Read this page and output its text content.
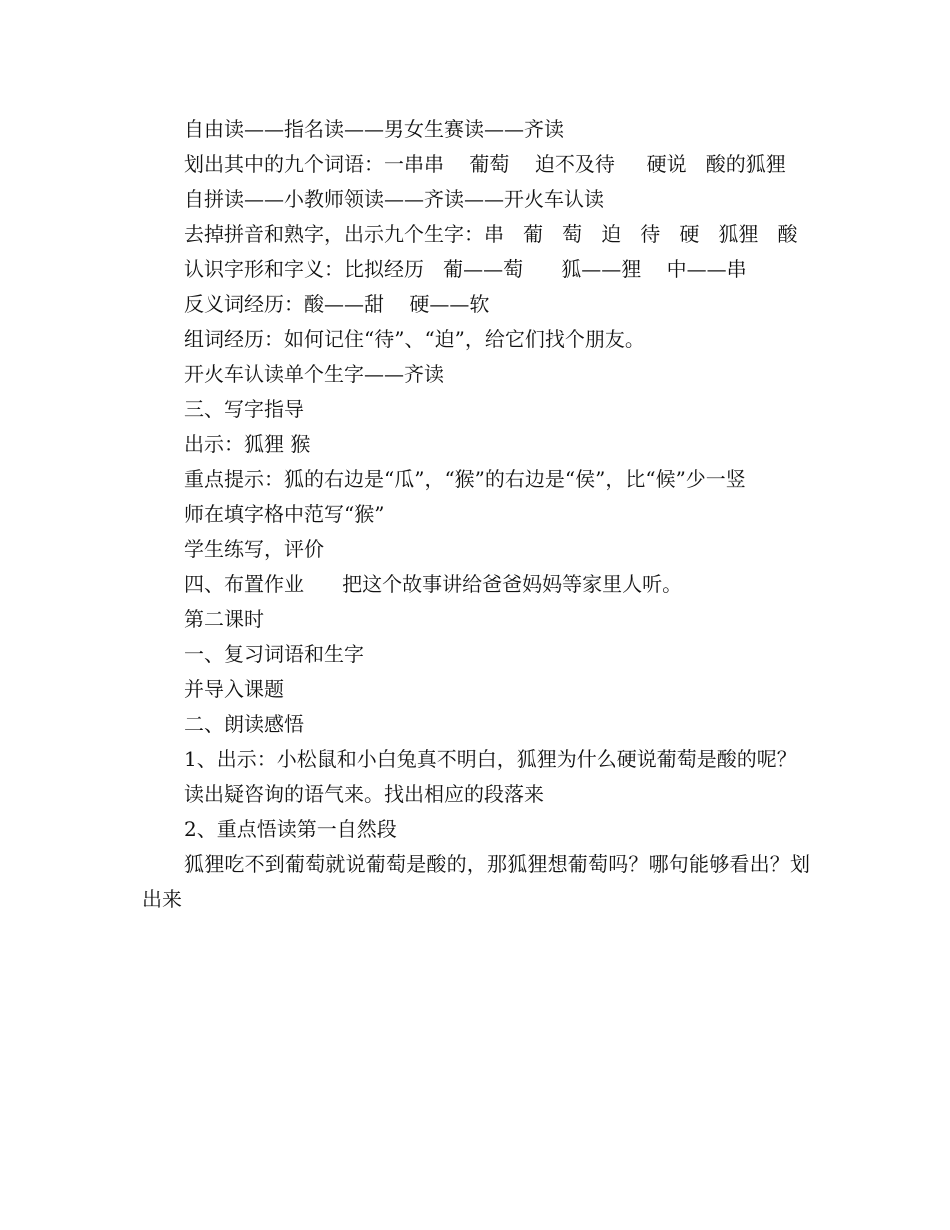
自由读——指名读——男女生赛读——齐读

划出其中的九个词语：一串串    葡萄    迫不及待     硬说   酸的狐狸

自拼读——小教师领读——齐读——开火车认读

去掉拼音和熟字，出示九个生字：串   葡   萄   迫   待   硬   狐狸   酸

认识字形和字义：比拟经历   葡——萄      狐——狸    中——串

反义词经历：酸——甜    硬——软

组词经历：如何记住“待”、“迫”，给它们找个朋友。

开火车认读单个生字——齐读

三、写字指导

出示：狐狸 猴

重点提示：狐的右边是“瓜”，“猴”的右边是“侯”，比“候”少一竖

师在填字格中范写“猴”

学生练写，评价

四、布置作业      把这个故事讲给爸爸妈妈等家里人听。

第二课时

一、复习词语和生字

并导入课题

二、朗读感悟

1、出示：小松鼠和小白兔真不明白，狐狸为什么硬说葡萄是酸的呢？

读出疑咨询的语气来。找出相应的段落来

2、重点悟读第一自然段

狐狸吃不到葡萄就说葡萄是酸的，那狐狸想葡萄吗？哪句能够看出？划出来
